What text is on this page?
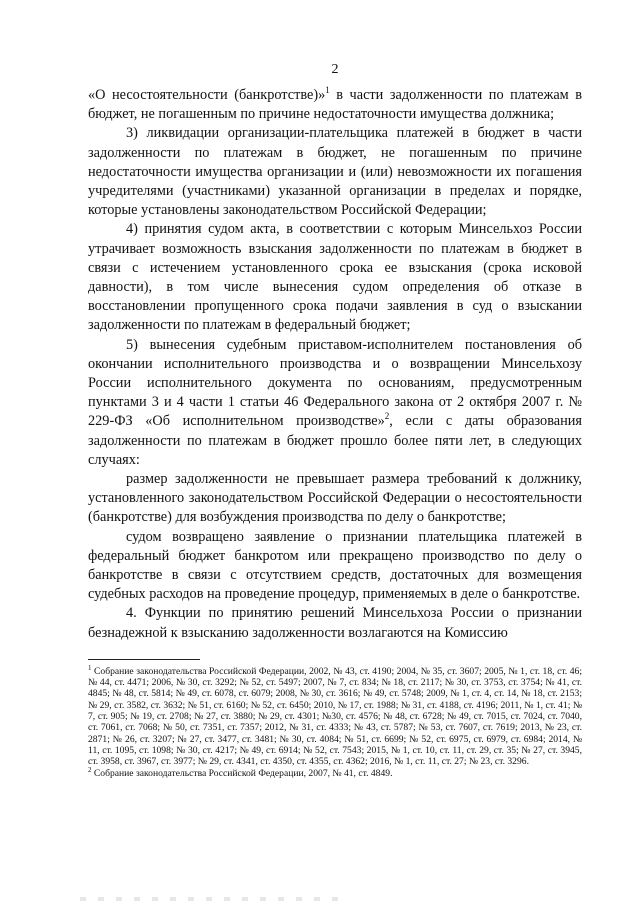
2

«О несостоятельности (банкротстве)»$^1$ в части задолженности по платежам в бюджет, не погашенным по причине недостаточности имущества должника;

3) ликвидации организации-плательщика платежей в бюджет в части задолженности по платежам в бюджет, не погашенным по причине недостаточности имущества организации и (или) невозможности их погашения учредителями (участниками) указанной организации в пределах и порядке, которые установлены законодательством Российской Федерации;

4) принятия судом акта, в соответствии с которым Минсельхоз России утрачивает возможность взыскания задолженности по платежам в бюджет в связи с истечением установленного срока ее взыскания (срока исковой давности), в том числе вынесения судом определения об отказе в восстановлении пропущенного срока подачи заявления в суд о взыскании задолженности по платежам в федеральный бюджет;

5) вынесения судебным приставом-исполнителем постановления об окончании исполнительного производства и о возвращении Минсельхозу России исполнительного документа по основаниям, предусмотренным пунктами 3 и 4 части 1 статьи 46 Федерального закона от 2 октября 2007 г. № 229-ФЗ «Об исполнительном производстве»$^2$, если с даты образования задолженности по платежам в бюджет прошло более пяти лет, в следующих случаях:

размер задолженности не превышает размера требований к должнику, установленного законодательством Российской Федерации о несостоятельности (банкротстве) для возбуждения производства по делу о банкротстве;

судом возвращено заявление о признании плательщика платежей в федеральный бюджет банкротом или прекращено производство по делу о банкротстве в связи с отсутствием средств, достаточных для возмещения судебных расходов на проведение процедур, применяемых в деле о банкротстве.

4. Функции по принятию решений Минсельхоза России о признании безнадежной к взысканию задолженности возлагаются на Комиссию

$^1$ Собрание законодательства Российской Федерации, 2002, № 43, ст. 4190; 2004, № 35, ст. 3607; 2005, № 1, ст. 18, ст. 46; № 44, ст. 4471; 2006, № 30, ст. 3292; № 52, ст. 5497; 2007, № 7, ст. 834; № 18, ст. 2117; № 30, ст. 3753, ст. 3754; № 41, ст. 4845; № 48, ст. 5814; № 49, ст. 6078, ст. 6079; 2008, № 30, ст. 3616; № 49, ст. 5748; 2009, № 1, ст. 4, ст. 14, № 18, ст. 2153; № 29, ст. 3582, ст. 3632; № 51, ст. 6160; № 52, ст. 6450; 2010, № 17, ст. 1988; № 31, ст. 4188, ст. 4196; 2011, № 1, ст. 41; № 7, ст. 905; № 19, ст. 2708; № 27, ст. 3880; № 29, ст. 4301; №30, ст. 4576; № 48, ст. 6728; № 49, ст. 7015, ст. 7024, ст. 7040, ст. 7061, ст. 7068; № 50, ст. 7351, ст. 7357; 2012, № 31, ст. 4333; № 43, ст. 5787; № 53, ст. 7607, ст. 7619; 2013, № 23, ст. 2871; № 26, ст. 3207; № 27, ст. 3477, ст. 3481; № 30, ст. 4084; № 51, ст. 6699; № 52, ст. 6975, ст. 6979, ст. 6984; 2014, № 11, ст. 1095, ст. 1098; № 30, ст. 4217; № 49, ст. 6914; № 52, ст. 7543; 2015, № 1, ст. 10, ст. 11, ст. 29, ст. 35; № 27, ст. 3945, ст. 3958, ст. 3967, ст. 3977; № 29, ст. 4341, ст. 4350, ст. 4355, ст. 4362; 2016, № 1, ст. 11, ст. 27; № 23, ст. 3296.

$^2$ Собрание законодательства Российской Федерации, 2007, № 41, ст. 4849.
